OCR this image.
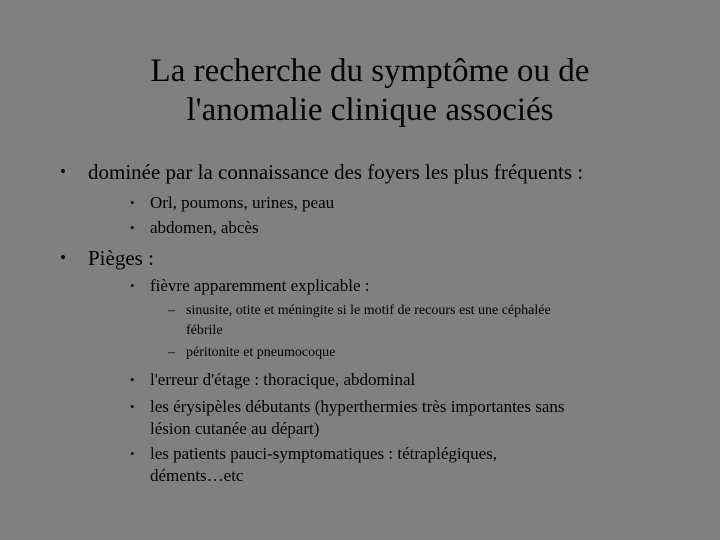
La recherche du symptôme ou de
l'anomalie clinique associés
• dominée par la connaissance des foyers les plus fréquents :
• Orl, poumons, urines, peau
• abdomen, abcès
• Pièges :
• fièvre apparemment explicable :
– sinusite, otite et méningite si le motif de recours est une céphalée
fébrile
– péritonite et pneumocoque
• l'erreur d'étage : thoracique, abdominal
• les érysipèles débutants (hyperthermies très importantes sans
lésion cutanée au départ)
• les patients pauci-symptomatiques : tétraplégiques,
déments…etc
